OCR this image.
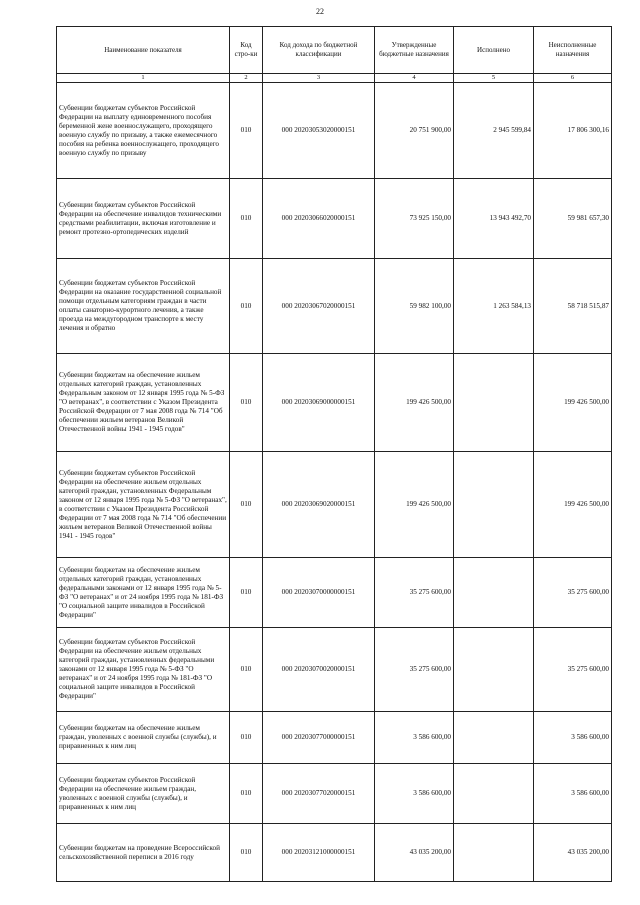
22
Наименование показателя	Код стро-ки	Код дохода по бюджетной классификации	Утвержденные бюджетные назначения	Исполнено	Неисполненные назначения
1	2	3	4	5	6
Субвенции бюджетам субъектов Российской Федерации на выплату единовременного пособия беременной жене военнослужащего, проходящего военную службу по призыву, а также ежемесячного пособия на ребенка военнослужащего, проходящего военную службу по призыву	010	000 20203053020000151	20 751 900,00	2 945 599,84	17 806 300,16
Субвенции бюджетам субъектов Российской Федерации на обеспечение инвалидов техническими средствами реабилитации, включая изготовление и ремонт протезно-ортопедических изделий	010	000 20203066020000151	73 925 150,00	13 943 492,70	59 981 657,30
Субвенции бюджетам субъектов Российской Федерации на оказание государственной социальной помощи отдельным категориям граждан в части оплаты санаторно-курортного лечения, а также проезда на междугородном транспорте к месту лечения и обратно	010	000 20203067020000151	59 982 100,00	1 263 584,13	58 718 515,87
Субвенции бюджетам на обеспечение жильем отдельных категорий граждан, установленных Федеральным законом от 12 января 1995 года № 5-ФЗ "О ветеранах", в соответствии с Указом Президента Российской Федерации от 7 мая 2008 года № 714 "Об обеспечении жильем ветеранов Великой Отечественной войны 1941 - 1945 годов"	010	000 20203069000000151	199 426 500,00		199 426 500,00
Субвенции бюджетам субъектов Российской Федерации на обеспечение жильем отдельных категорий граждан, установленных Федеральным законом от 12 января 1995 года № 5-ФЗ "О ветеранах", в соответствии с Указом Президента Российской Федерации от 7 мая 2008 года № 714 "Об обеспечении жильем ветеранов Великой Отечественной войны 1941 - 1945 годов"	010	000 20203069020000151	199 426 500,00		199 426 500,00
Субвенции бюджетам на обеспечение жильем отдельных категорий граждан, установленных федеральными законами от 12 января 1995 года № 5-ФЗ "О ветеранах" и от 24 ноября 1995 года № 181-ФЗ "О социальной защите инвалидов в Российской Федерации"	010	000 20203070000000151	35 275 600,00		35 275 600,00
Субвенции бюджетам субъектов Российской Федерации на обеспечение жильем отдельных категорий граждан, установленных федеральными законами от 12 января 1995 года № 5-ФЗ "О ветеранах" и от 24 ноября 1995 года № 181-ФЗ "О социальной защите инвалидов в Российской Федерации"	010	000 20203070020000151	35 275 600,00		35 275 600,00
Субвенции бюджетам на обеспечение жильем граждан, уволенных с военной службы (службы), и приравненных к ним лиц	010	000 20203077000000151	3 586 600,00		3 586 600,00
Субвенции бюджетам субъектов Российской Федерации на обеспечение жильем граждан, уволенных с военной службы (службы), и приравненных к ним лиц	010	000 20203077020000151	3 586 600,00		3 586 600,00
Субвенции бюджетам на проведение Всероссийской сельскохозяйственной переписи в 2016 году	010	000 20203121000000151	43 035 200,00		43 035 200,00
